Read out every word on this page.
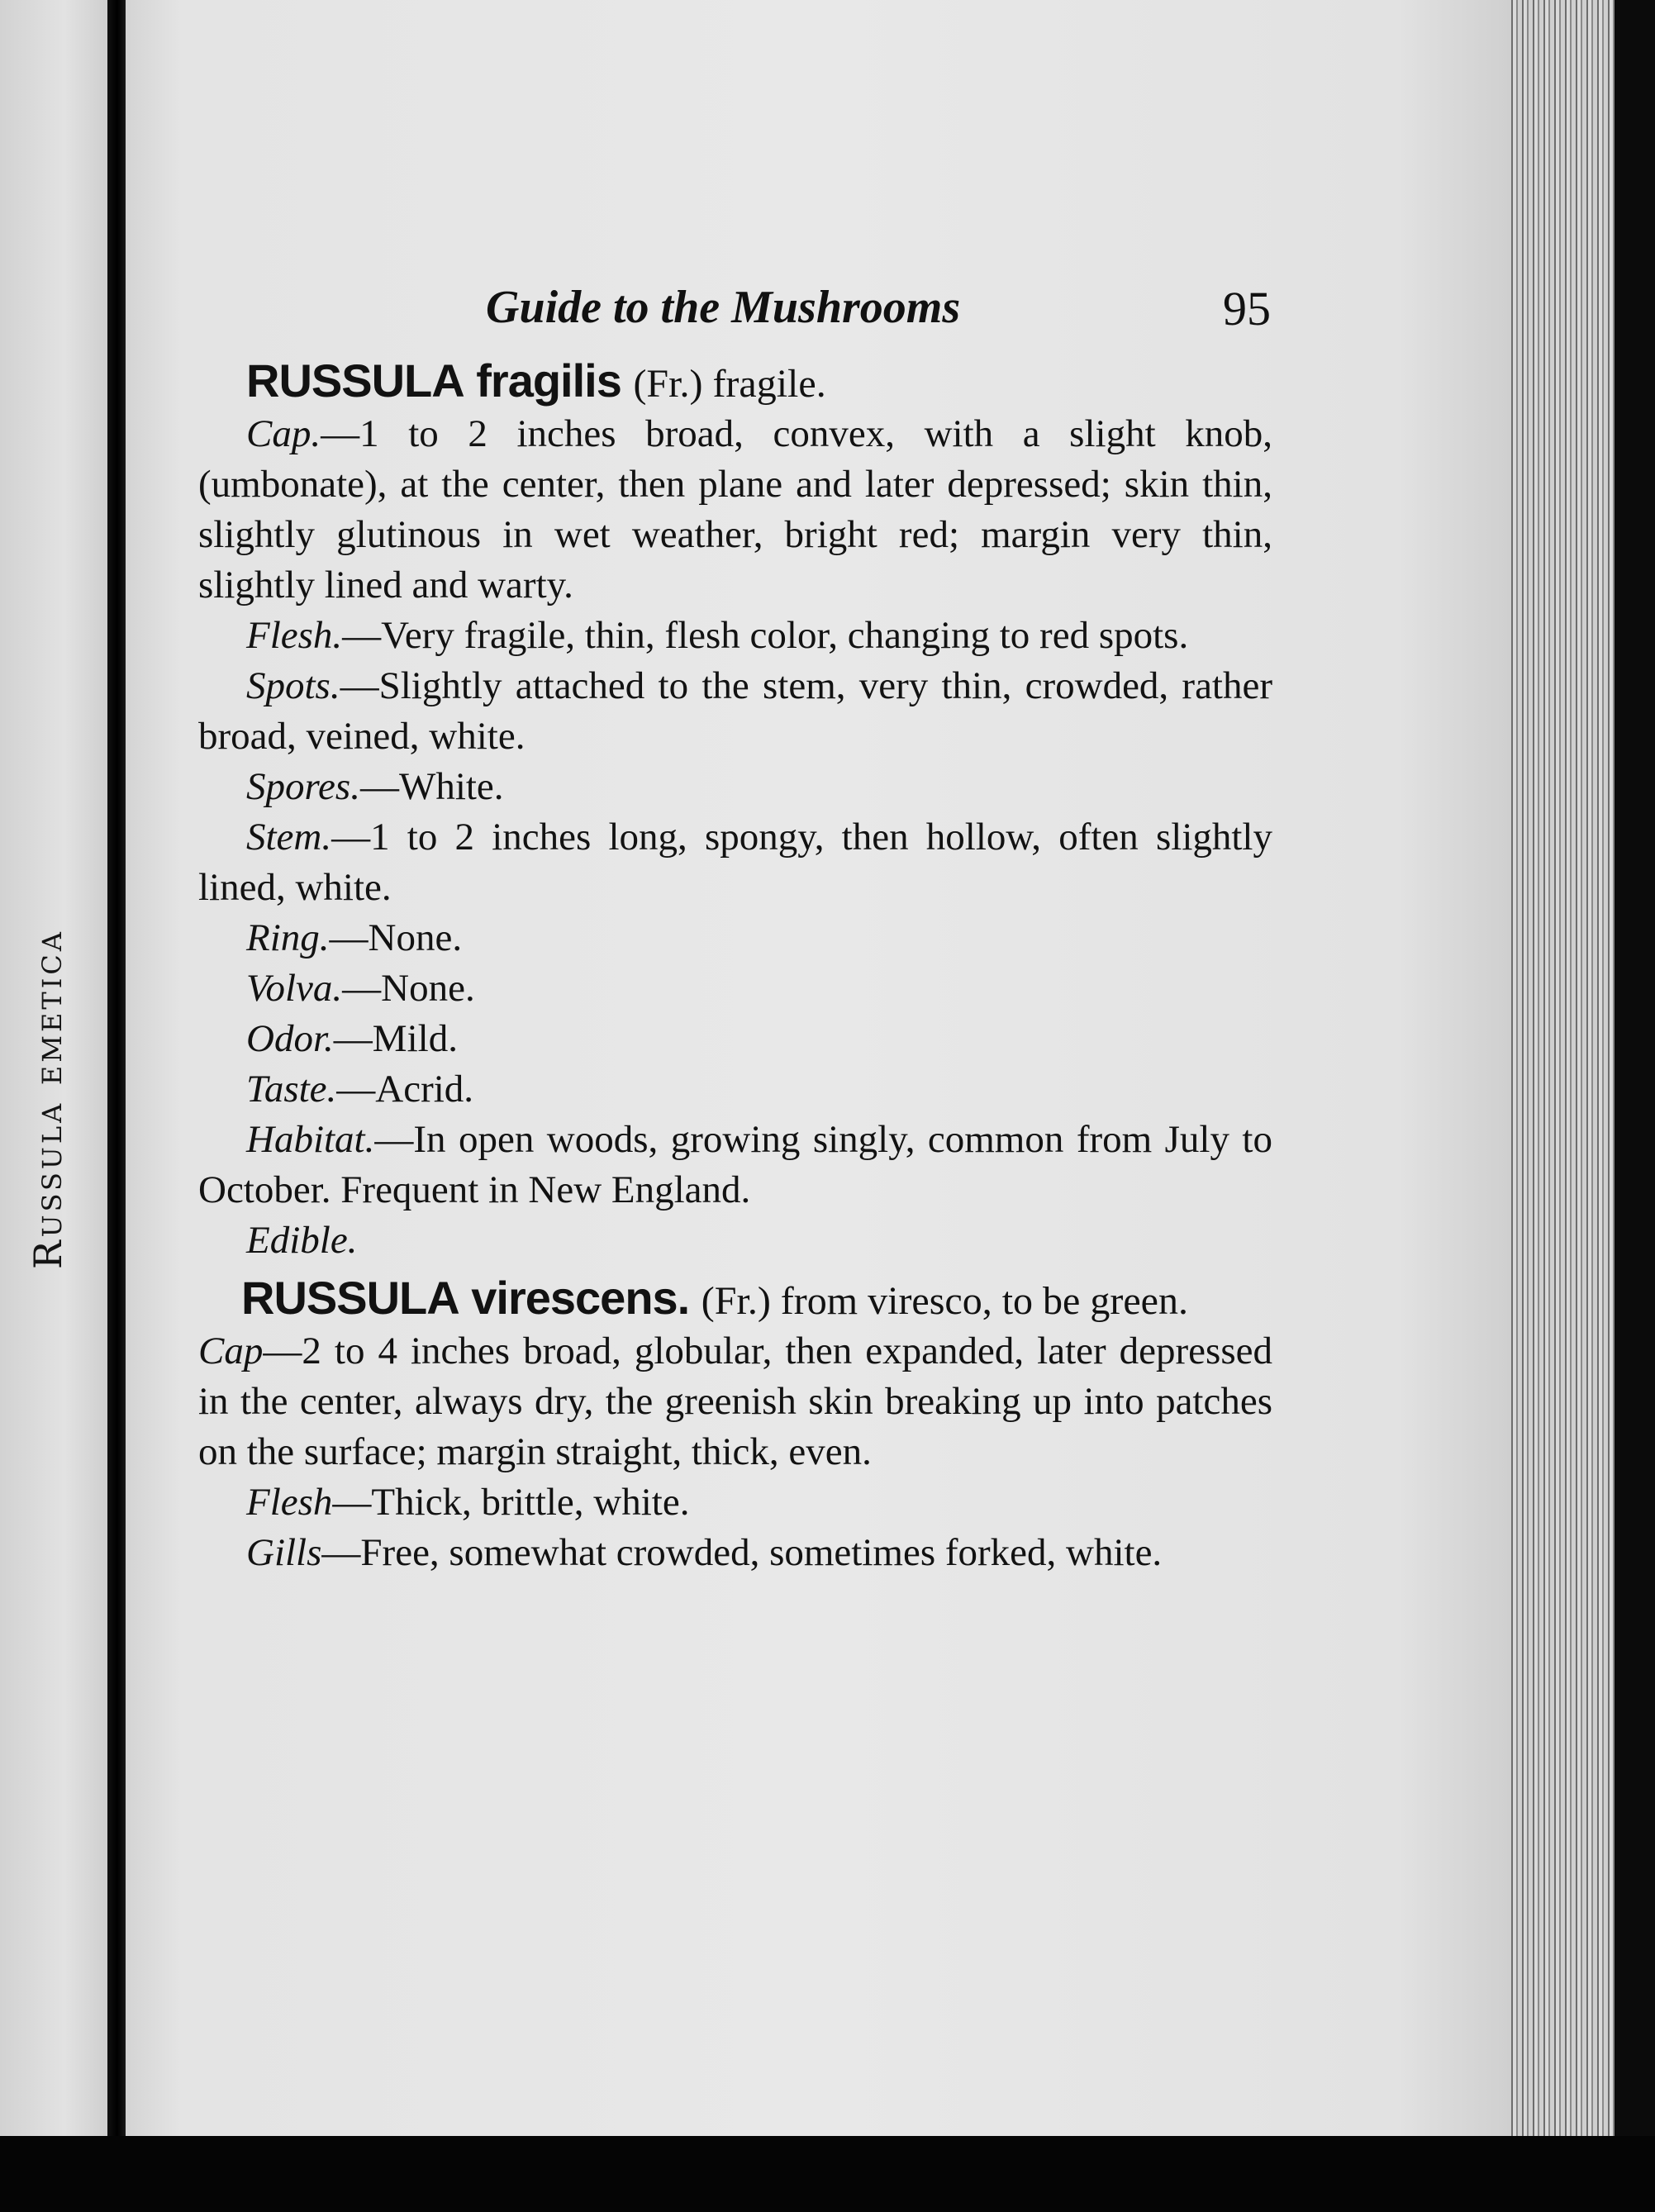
Russula emetica
Guide to the Mushrooms	95
RUSSULA fragilis (Fr.) fragile.
Cap.—1 to 2 inches broad, convex, with a slight knob, (umbonate), at the center, then plane and later depressed; skin thin, slightly glutinous in wet weather, bright red; margin very thin, slightly lined and warty.
Flesh.—Very fragile, thin, flesh color, changing to red spots.
Spots.—Slightly attached to the stem, very thin, crowded, rather broad, veined, white.
Spores.—White.
Stem.—1 to 2 inches long, spongy, then hollow, often slightly lined, white.
Ring.—None.
Volva.—None.
Odor.—Mild.
Taste.—Acrid.
Habitat.—In open woods, growing singly, common from July to October. Frequent in New England.
Edible.
RUSSULA virescens. (Fr.) from viresco, to be green.
Cap—2 to 4 inches broad, globular, then expanded, later depressed in the center, always dry, the greenish skin breaking up into patches on the surface; margin straight, thick, even.
Flesh—Thick, brittle, white.
Gills—Free, somewhat crowded, sometimes forked, white.
